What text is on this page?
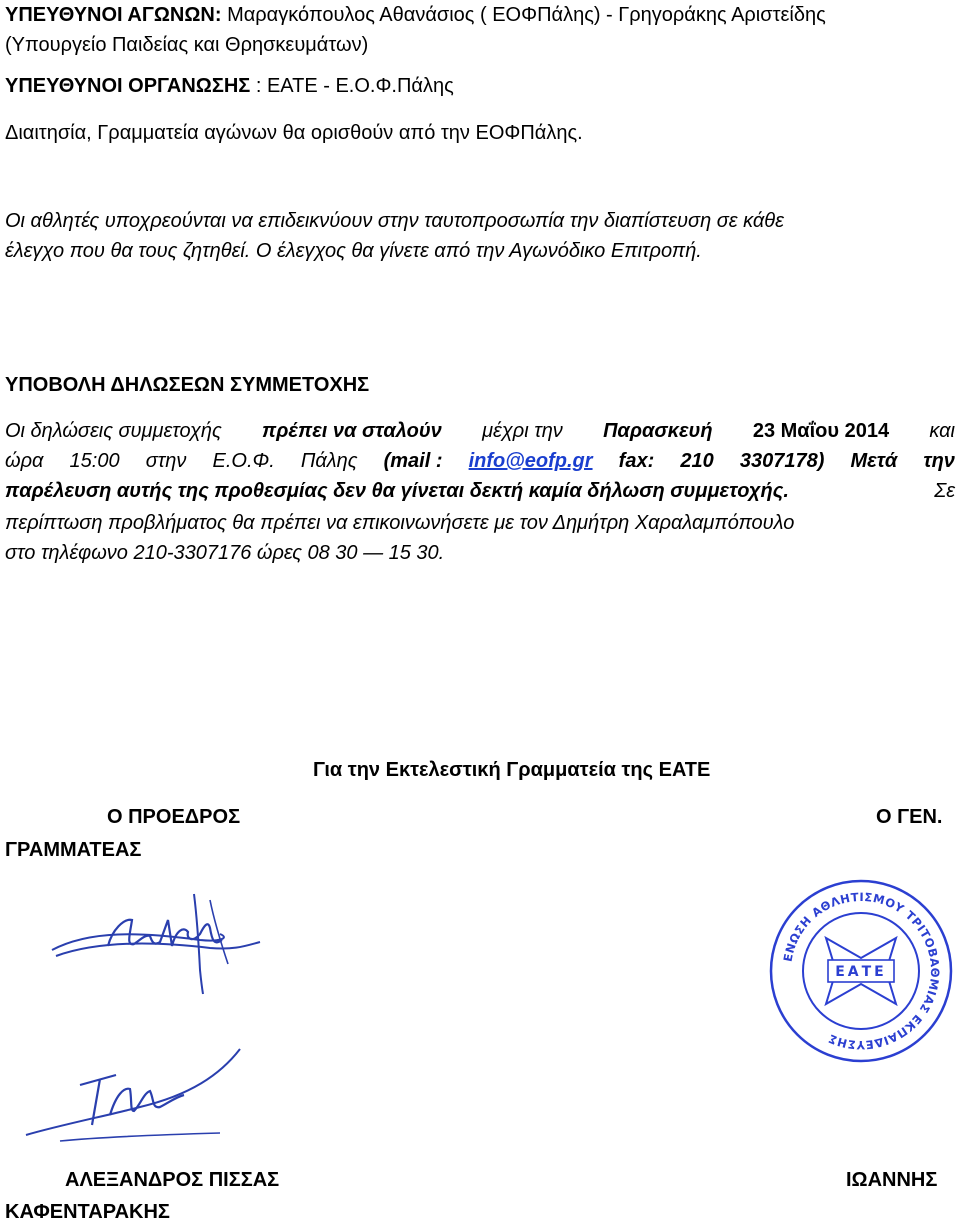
ΥΠΕΥΘΥΝΟΙ ΑΓΩΝΩΝ: Μαραγκόπουλος Αθανάσιος ( ΕΟΦΠάλης) - Γρηγοράκης Αριστείδης
(Υπουργείο Παιδείας και Θρησκευμάτων)
ΥΠΕΥΘΥΝΟΙ ΟΡΓΑΝΩΣΗΣ : ΕΑΤΕ - Ε.Ο.Φ.Πάλης
Διαιτησία, Γραμματεία αγώνων θα ορισθούν από την ΕΟΦΠάλης.
Οι αθλητές υποχρεούνται να επιδεικνύουν στην ταυτοπροσωπία την διαπίστευση σε κάθε
έλεγχο που θα τους ζητηθεί. Ο έλεγχος θα γίνετε από την Αγωνόδικο Επιτροπή.
ΥΠΟΒΟΛΗ ΔΗΛΩΣΕΩΝ ΣΥΜΜΕΤΟΧΗΣ
Οι δηλώσεις συμμετοχής πρέπει να σταλούν μέχρι την Παρασκευή 23 Μαΐου 2014 και
ώρα 15:00 στην Ε.Ο.Φ. Πάλης (mail : info@eofp.gr fax: 210 3307178) Μετά την
παρέλευση αυτής της προθεσμίας δεν θα γίνεται δεκτή καμία δήλωση συμμετοχής.	Σε
περίπτωση προβλήματος θα πρέπει να επικοινωνήσετε με τον Δημήτρη Χαραλαμπόπουλο
στο τηλέφωνο 210-3307176 ώρες 08 30 — 15 30.
Για την Εκτελεστική Γραμματεία της ΕΑΤΕ
Ο ΠΡΟΕΔΡΟΣ	Ο ΓΕΝ.
ΓΡΑΜΜΑΤΕΑΣ
ΕΝΩΣΗ ΑΘΛΗΤΙΣΜΟΥ ΤΡΙΤΟΒΑΘΜΙΑΣ ΕΚΠΑΙΔΕΥΣΗΣ
ΕΑΤΕ
ΑΛΕΞΑΝΔΡΟΣ ΠΙΣΣΑΣ	ΙΩΑΝΝΗΣ
ΚΑΦΕΝΤΑΡΑΚΗΣ
